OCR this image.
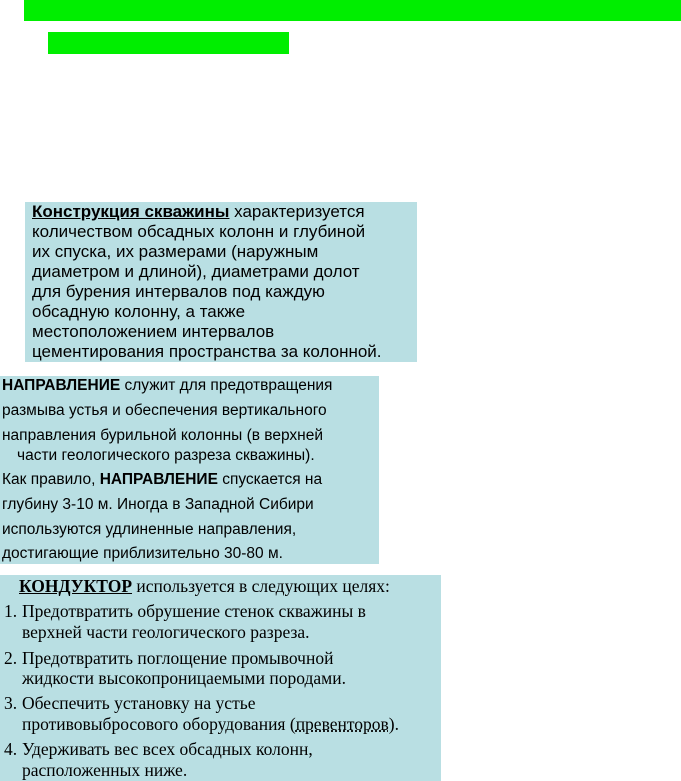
Конструкция скважины характеризуется
количеством обсадных колонн и глубиной
их спуска, их размерами (наружным
диаметром и длиной), диаметрами долот
для бурения интервалов под каждую
обсадную колонну, а также
местоположением интервалов
цементирования пространства за колонной.
НАПРАВЛЕНИЕ служит для предотвращения
размыва устья и обеспечения вертикального
направления бурильной колонны (в верхней
части геологического разреза скважины).
Как правило, НАПРАВЛЕНИЕ спускается на
глубину 3-10 м. Иногда в Западной Сибири
используются удлиненные направления,
достигающие приблизительно 30-80 м.
КОНДУКТОР используется в следующих целях:
1. Предотвратить обрушение стенок скважины в
верхней части геологического разреза.
2. Предотвратить поглощение промывочной
жидкости высокопроницаемыми породами.
3. Обеспечить установку на устье
противовыбросового оборудования (превенторов).
4. Удерживать вес всех обсадных колонн,
расположенных ниже.
